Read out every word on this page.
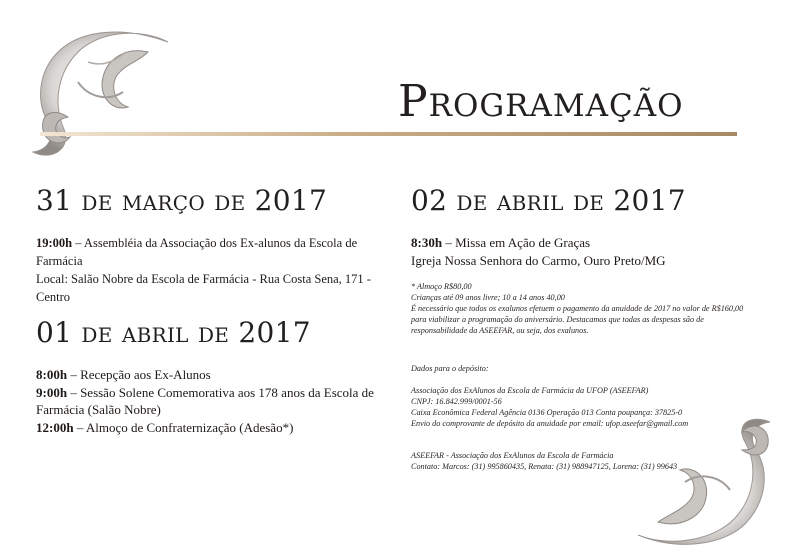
Programação
31 de março de 2017

19:00h – Assembléia da Associação dos Ex-alunos da Escola de Farmácia

Local: Salão Nobre da Escola de Farmácia - Rua Costa Sena, 171 - Centro

01 de abril de 2017

8:00h – Recepção aos Ex-Alunos

9:00h – Sessão Solene Comemorativa aos 178 anos da Escola de Farmácia (Salão Nobre)

12:00h – Almoço de Confraternização (Adesão*)

02 de abril de 2017

8:30h – Missa em Ação de Graças

Igreja Nossa Senhora do Carmo, Ouro Preto/MG

* Almoço R$80,00

Crianças até 09 anos livre; 10 a 14 anos 40,00

É necessário que todos os exalunos efetuem o pagamento da anuidade de 2017 no valor de R$160,00 para viabilizar a programação do aniversário. Destacamos que todas as despesas são de responsabilidade da ASEEFAR, ou seja, dos exalunos.

Dados para o depósito:

Associação dos ExAlunos da Escola de Farmácia da UFOP (ASEEFAR)

CNPJ: 16.842.999/0001-56

Caixa Econômica Federal Agência 0136 Operação 013 Conta poupança: 37825-0

Envio do comprovante de depósito da anuidade por email: ufop.aseefar@gmail.com

ASEEFAR - Associação dos ExAlunos da Escola de Farmácia

Contato: Marcos: (31) 995860435, Renata: (31) 988947125, Lorena: (31) 99643
